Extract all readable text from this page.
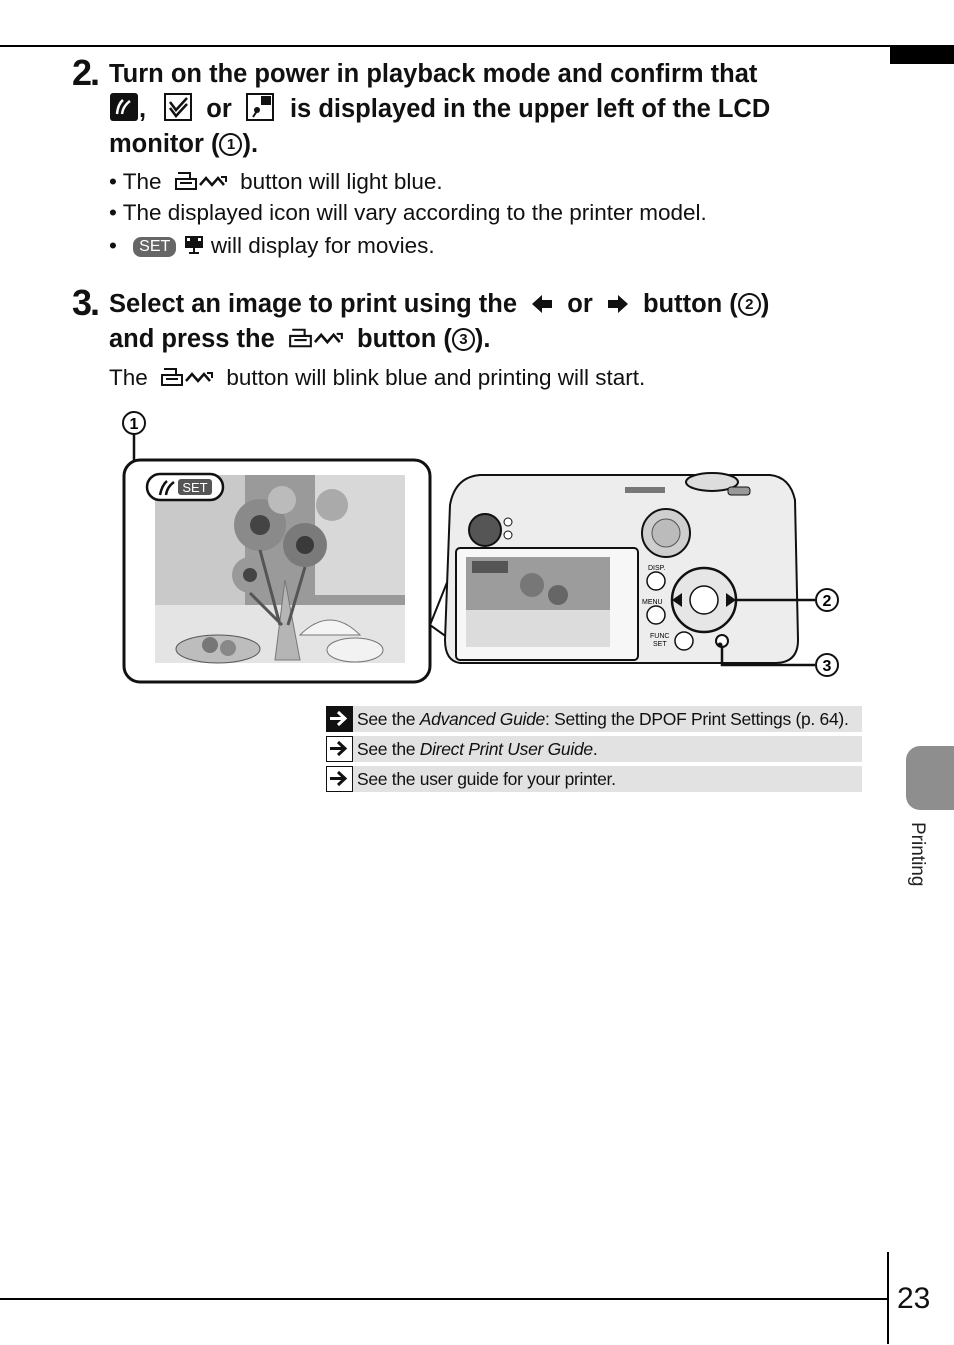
2. Turn on the power in playback mode and confirm that
, or is displayed in the upper left of the LCD
monitor ( 1 ).
• The	button will light blue.
• The displayed icon will vary according to the printer model.
• SET will display for movies.
3. Select an image to print using the or button ( 2 )
and press the	button ( 3 ).
The	button will blink blue and printing will start.
1
SET
DISP.
MENU
FUNC
SET
2
3
See the Advanced Guide: Setting the DPOF Print Settings (p. 64).
See the Direct Print User Guide.
See the user guide for your printer.
Printing
23
